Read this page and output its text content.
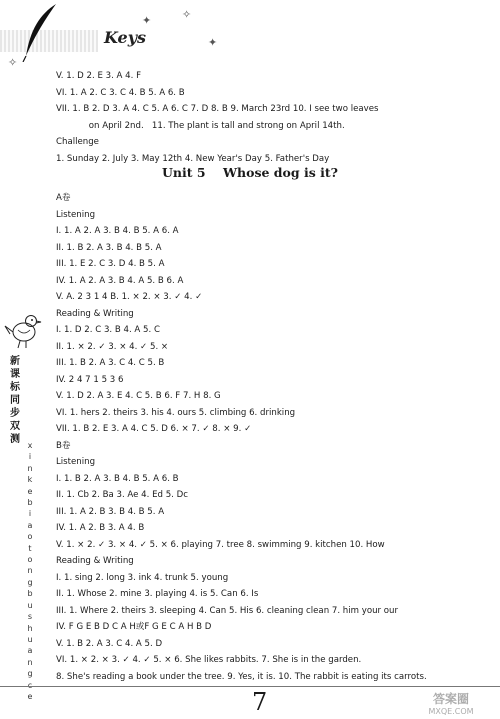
Keys
✦	✧
✦
✧
V. 1. D 2. E 3. A 4. F
VI. 1. A 2. C 3. C 4. B 5. A 6. B
VII. 1. B 2. D 3. A 4. C 5. A 6. C 7. D 8. B 9. March 23rd 10. I see two leaves
on April 2nd.   11. The plant is tall and strong on April 14th.
Challenge
1. Sunday 2. July 3. May 12th 4. New Year's Day 5. Father's Day
Unit 5    Whose dog is it?
A卷
Listening
I. 1. A 2. A 3. B 4. B 5. A 6. A
II. 1. B 2. A 3. B 4. B 5. A
III. 1. E 2. C 3. D 4. B 5. A
IV. 1. A 2. A 3. B 4. A 5. B 6. A
V. A. 2 3 1 4 B. 1. × 2. × 3. ✓ 4. ✓
Reading & Writing
I. 1. D 2. C 3. B 4. A 5. C
II. 1. × 2. ✓ 3. × 4. ✓ 5. ×
III. 1. B 2. A 3. C 4. C 5. B
IV. 2 4 7 1 5 3 6
V. 1. D 2. A 3. E 4. C 5. B 6. F 7. H 8. G
VI. 1. hers 2. theirs 3. his 4. ours 5. climbing 6. drinking
VII. 1. B 2. E 3. A 4. C 5. D 6. × 7. ✓ 8. × 9. ✓
B卷
Listening
I. 1. B 2. A 3. B 4. B 5. A 6. B
II. 1. Cb 2. Ba 3. Ae 4. Ed 5. Dc
III. 1. A 2. B 3. B 4. B 5. A
IV. 1. A 2. B 3. A 4. B
V. 1. × 2. ✓ 3. × 4. ✓ 5. × 6. playing 7. tree 8. swimming 9. kitchen 10. How
Reading & Writing
I. 1. sing 2. long 3. ink 4. trunk 5. young
II. 1. Whose 2. mine 3. playing 4. is 5. Can 6. Is
III. 1. Where 2. theirs 3. sleeping 4. Can 5. His 6. cleaning clean 7. him your our
IV. F G E B D C A H或F G E C A H B D
V. 1. B 2. A 3. C 4. A 5. D
VI. 1. × 2. × 3. ✓ 4. ✓ 5. × 6. She likes rabbits. 7. She is in the garden.
8. She's reading a book under the tree. 9. Yes, it is. 10. The rabbit is eating its carrots.
新
课
标
同
步
双
测
x
i
n
k
e
b
i
a
o
t
o
n
g
b
u
s
h
u
a
n
g
e	7	答案圈
MXQE.COM
